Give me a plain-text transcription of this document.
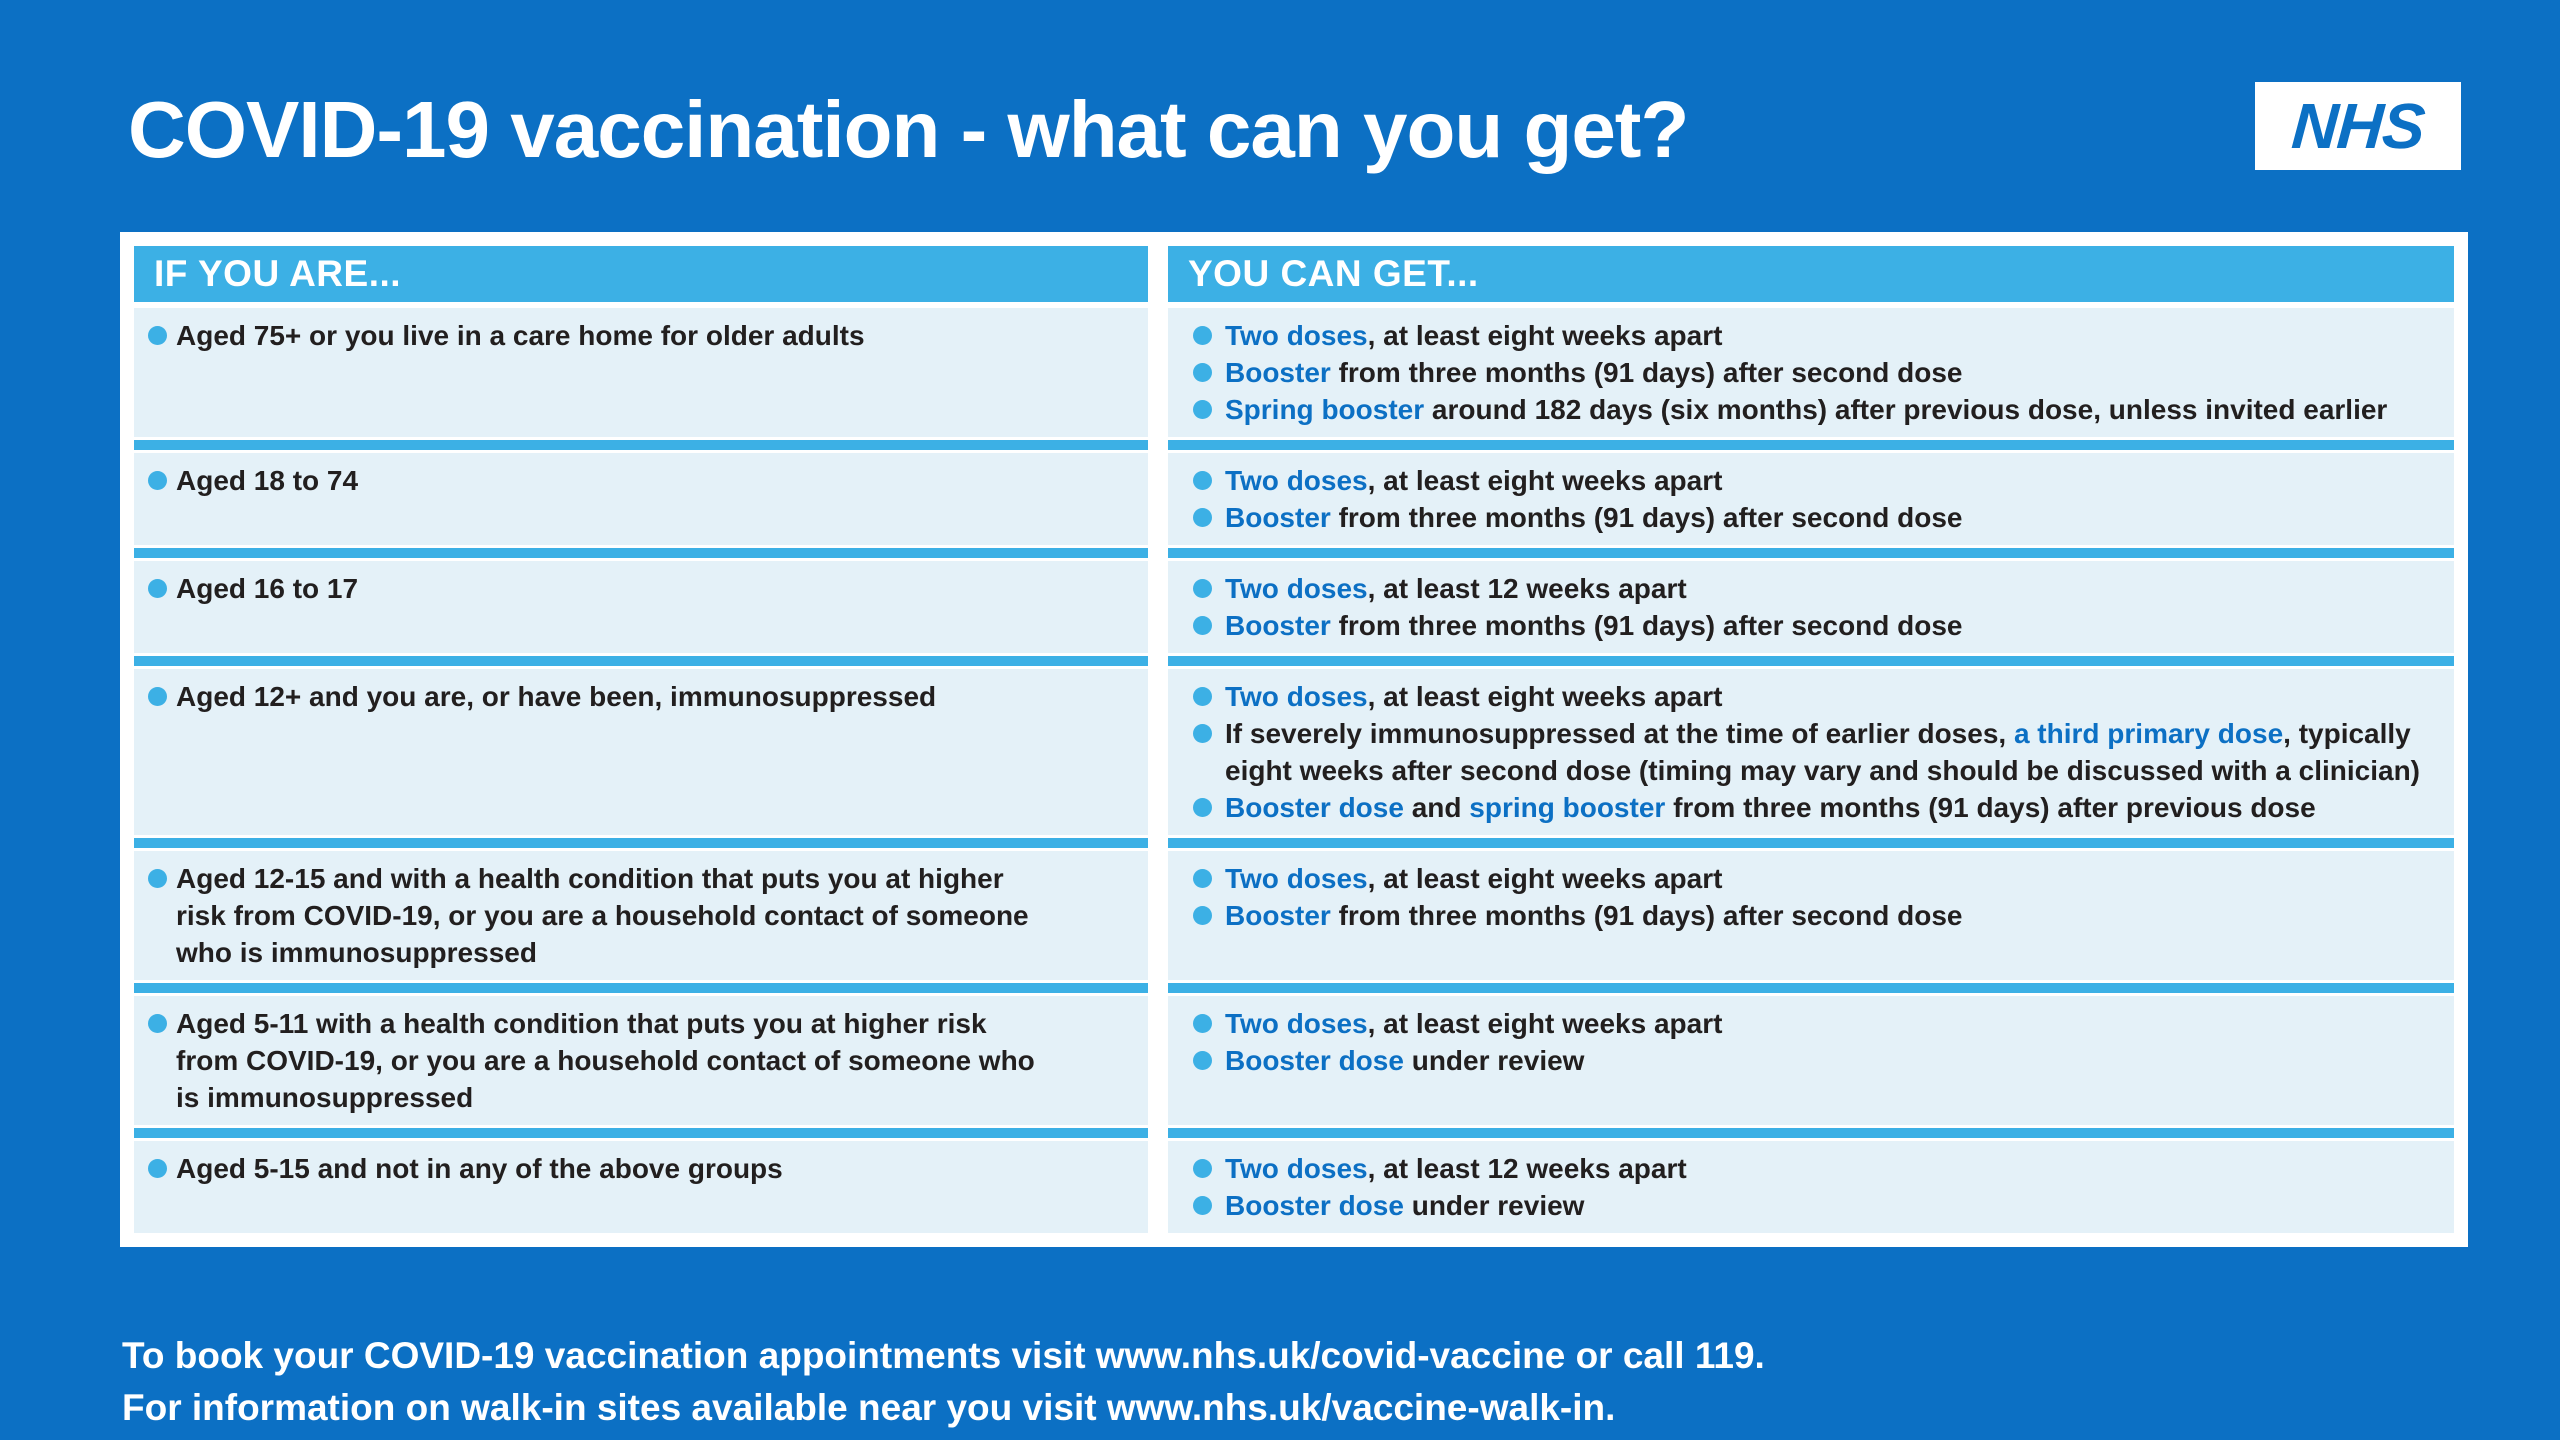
COVID-19 vaccination - what can you get?	NHS
IF YOU ARE...	YOU CAN GET...
Aged 75+ or you live in a care home for older adults	Two doses, at least eight weeks apart
Booster from three months (91 days) after second dose
Spring booster around 182 days (six months) after previous dose, unless invited earlier
Aged 18 to 74	Two doses, at least eight weeks apart
Booster from three months (91 days) after second dose
Aged 16 to 17	Two doses, at least 12 weeks apart
Booster from three months (91 days) after second dose
Aged 12+ and you are, or have been, immunosuppressed	Two doses, at least eight weeks apart
If severely immunosuppressed at the time of earlier doses, a third primary dose, typically eight weeks after second dose (timing may vary and should be discussed with a clinician)
Booster dose and spring booster from three months (91 days) after previous dose
Aged 12-15 and with a health condition that puts you at higher risk from COVID-19, or you are a household contact of someone who is immunosuppressed
Two doses, at least eight weeks apart
Booster from three months (91 days) after second dose
Aged 5-11 with a health condition that puts you at higher risk from COVID-19, or you are a household contact of someone who is immunosuppressed
Two doses, at least eight weeks apart
Booster dose under review
Aged 5-15 and not in any of the above groups	Two doses, at least 12 weeks apart
Booster dose under review
To book your COVID-19 vaccination appointments visit www.nhs.uk/covid-vaccine or call 119.
For information on walk-in sites available near you visit www.nhs.uk/vaccine-walk-in.
